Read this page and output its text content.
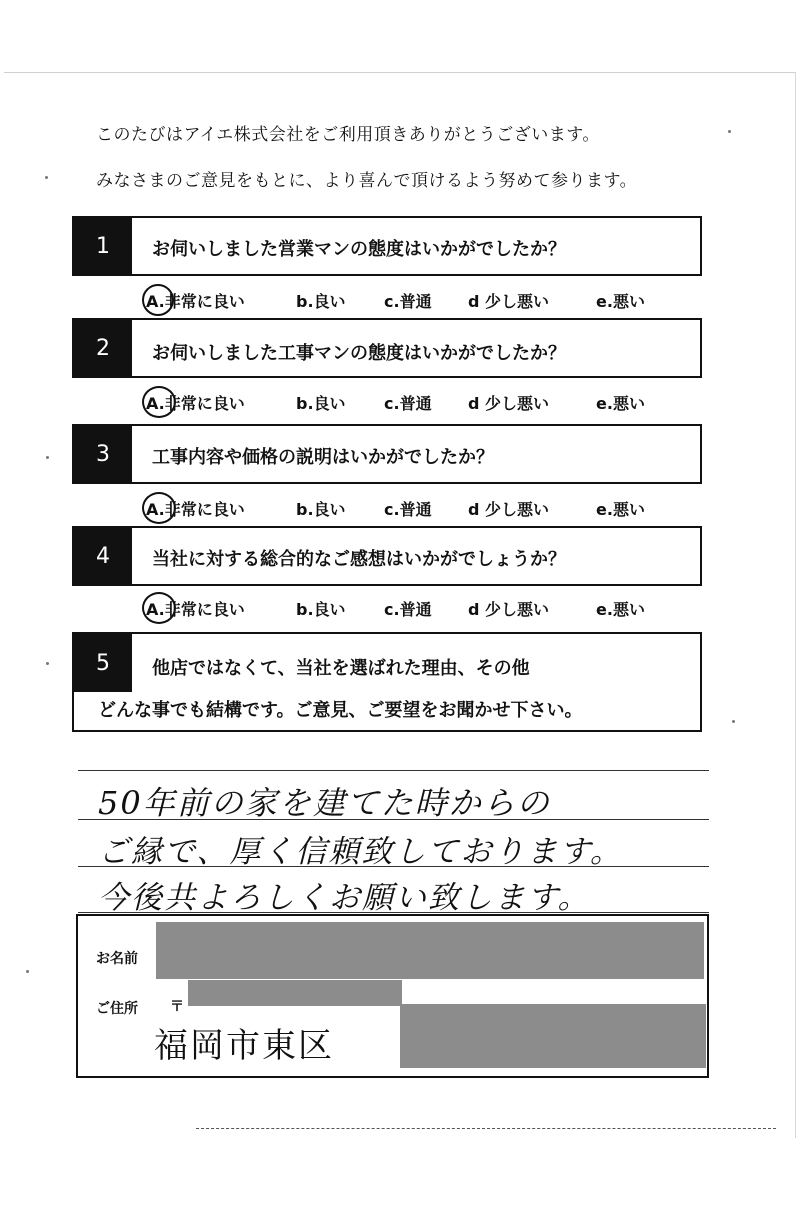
このたびはアイエ株式会社をご利用頂きありがとうございます。
みなさまのご意見をもとに、より喜んで頂けるよう努めて参ります。
1	お伺いしました営業マンの態度はいかがでしたか？
A.非常に良い	b.良い c.普通 d 少し悪い	e.悪い
2	お伺いしました工事マンの態度はいかがでしたか？
A.非常に良い	b.良い c.普通 d 少し悪い	e.悪い
3	工事内容や価格の説明はいかがでしたか？
A.非常に良い	b.良い c.普通 d 少し悪い	e.悪い
4	当社に対する総合的なご感想はいかがでしょうか？
A.非常に良い	b.良い c.普通 d 少し悪い	e.悪い
5	他店ではなくて、当社を選ばれた理由、その他
どんな事でも結構です。ご意見、ご要望をお聞かせ下さい。
50年前の家を建てた時からの
ご縁で、厚く信頼致しております。
今後共よろしくお願い致します。
お名前
ご住所 〒
福岡市東区
